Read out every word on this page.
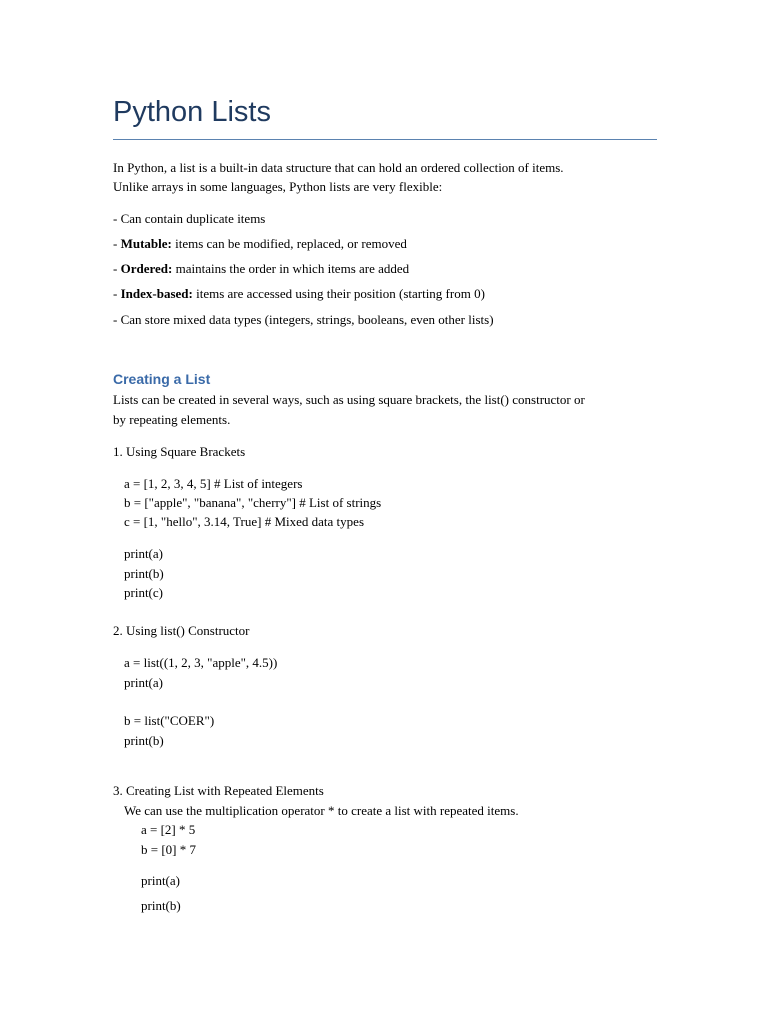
Python Lists

In Python, a list is a built-in data structure that can hold an ordered collection of items.

Unlike arrays in some languages, Python lists are very flexible:

- Can contain duplicate items

- Mutable: items can be modified, replaced, or removed

- Ordered: maintains the order in which items are added

- Index-based: items are accessed using their position (starting from 0)

- Can store mixed data types (integers, strings, booleans, even other lists)

Creating a List

Lists can be created in several ways, such as using square brackets, the list() constructor or

by repeating elements.

1. Using Square Brackets

a = [1, 2, 3, 4, 5] # List of integers

b = ["apple", "banana", "cherry"] # List of strings

c = [1, "hello", 3.14, True] # Mixed data types

print(a)

print(b)

print(c)

2. Using list() Constructor

a = list((1, 2, 3, "apple", 4.5))

print(a)

b = list("COER")

print(b)

3. Creating List with Repeated Elements

We can use the multiplication operator * to create a list with repeated items.

a = [2] * 5

b = [0] * 7

print(a)

print(b)
